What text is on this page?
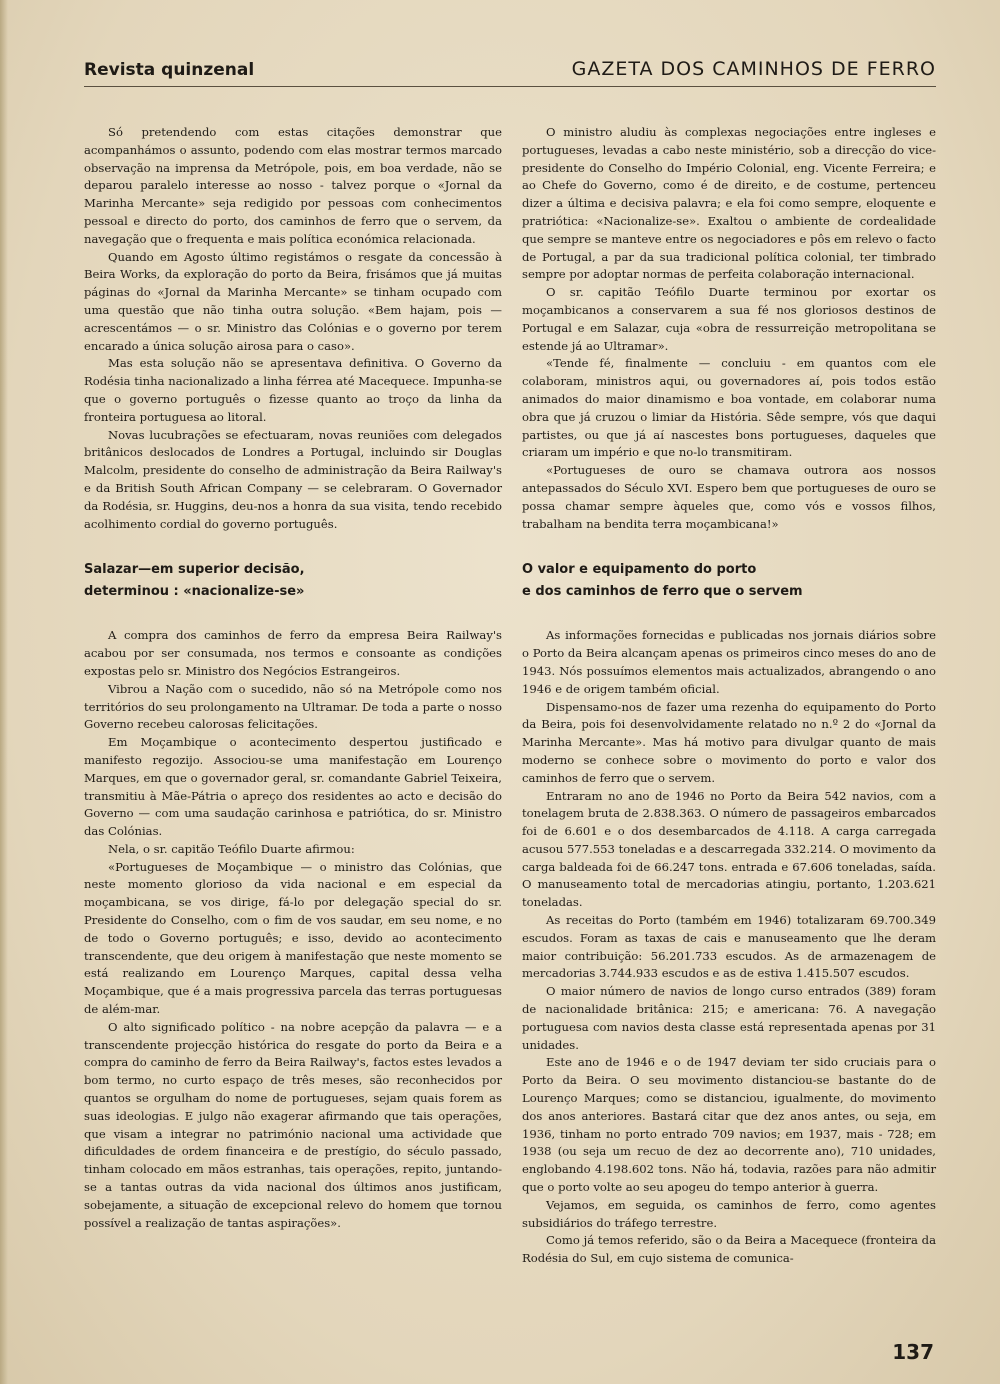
Revista quinzenal	GAZETA DOS CAMINHOS DE FERRO

Só pretendendo com estas citações demonstrar que acompanhámos o assunto, podendo com elas mostrar termos marcado observação na imprensa da Metrópole, pois, em boa verdade, não se deparou paralelo interesse ao nosso - talvez porque o «Jornal da Marinha Mercante» seja redigido por pessoas com conhecimentos pessoal e directo do porto, dos caminhos de ferro que o servem, da navegação que o frequenta e mais política económica relacionada.

Quando em Agosto último registámos o resgate da concessão à Beira Works, da exploração do porto da Beira, frisámos que já muitas páginas do «Jornal da Marinha Mercante» se tinham ocupado com uma questão que não tinha outra solução. «Bem hajam, pois — acrescentámos — o sr. Ministro das Colónias e o governo por terem encarado a única solução airosa para o caso».

Mas esta solução não se apresentava definitiva. O Governo da Rodésia tinha nacionalizado a linha férrea até Macequece. Impunha-se que o governo português o fizesse quanto ao troço da linha da fronteira portuguesa ao litoral.

Novas lucubrações se efectuaram, novas reuniões com delegados britânicos deslocados de Londres a Portugal, incluindo sir Douglas Malcolm, presidente do conselho de administração da Beira Railway's e da British South African Company — se celebraram. O Governador da Rodésia, sr. Huggins, deu-nos a honra da sua visita, tendo recebido acolhimento cordial do governo português.

Salazar—em superior decisão,
determinou : «nacionalize-se»

A compra dos caminhos de ferro da empresa Beira Railway's acabou por ser consumada, nos termos e consoante as condições expostas pelo sr. Ministro dos Negócios Estrangeiros.

Vibrou a Nação com o sucedido, não só na Metrópole como nos territórios do seu prolongamento na Ultramar. De toda a parte o nosso Governo recebeu calorosas felicitações.

Em Moçambique o acontecimento despertou justificado e manifesto regozijo. Associou-se uma manifestação em Lourenço Marques, em que o governador geral, sr. comandante Gabriel Teixeira, transmitiu à Mãe-Pátria o apreço dos residentes ao acto e decisão do Governo — com uma saudação carinhosa e patriótica, do sr. Ministro das Colónias.

Nela, o sr. capitão Teófilo Duarte afirmou:

«Portugueses de Moçambique — o ministro das Colónias, que neste momento glorioso da vida nacional e em especial da moçambicana, se vos dirige, fá-lo por delegação special do sr. Presidente do Conselho, com o fim de vos saudar, em seu nome, e no de todo o Governo português; e isso, devido ao acontecimento transcendente, que deu origem à manifestação que neste momento se está realizando em Lourenço Marques, capital dessa velha Moçambique, que é a mais progressiva parcela das terras portuguesas de além-mar.

O alto significado político - na nobre acepção da palavra — e a transcendente projecção histórica do resgate do porto da Beira e a compra do caminho de ferro da Beira Railway's, factos estes levados a bom termo, no curto espaço de três meses, são reconhecidos por quantos se orgulham do nome de portugueses, sejam quais forem as suas ideologias. E julgo não exagerar afirmando que tais operações, que visam a integrar no património nacional uma actividade que dificuldades de ordem financeira e de prestígio, do século passado, tinham colocado em mãos estranhas, tais operações, repito, juntando-se a tantas outras da vida nacional dos últimos anos justificam, sobejamente, a situação de excepcional relevo do homem que tornou possível a realização de tantas aspirações».

O ministro aludiu às complexas negociações entre ingleses e portugueses, levadas a cabo neste ministério, sob a direcção do vice-presidente do Conselho do Império Colonial, eng. Vicente Ferreira; e ao Chefe do Governo, como é de direito, e de costume, pertenceu dizer a última e decisiva palavra; e ela foi como sempre, eloquente e pratriótica: «Nacionalize-se». Exaltou o ambiente de cordealidade que sempre se manteve entre os negociadores e pôs em relevo o facto de Portugal, a par da sua tradicional política colonial, ter timbrado sempre por adoptar normas de perfeita colaboração internacional.

O sr. capitão Teófilo Duarte terminou por exortar os moçambicanos a conservarem a sua fé nos gloriosos destinos de Portugal e em Salazar, cuja «obra de ressurreição metropolitana se estende já ao Ultramar».

«Tende fé, finalmente — concluiu - em quantos com ele colaboram, ministros aqui, ou governadores aí, pois todos estão animados do maior dinamismo e boa vontade, em colaborar numa obra que já cruzou o limiar da História. Sêde sempre, vós que daqui partistes, ou que já aí nascestes bons portugueses, daqueles que criaram um império e que no-lo transmitiram.

«Portugueses de ouro se chamava outrora aos nossos antepassados do Século XVI. Espero bem que portugueses de ouro se possa chamar sempre àqueles que, como vós e vossos filhos, trabalham na bendita terra moçambicana!»

O valor e equipamento do porto
e dos caminhos de ferro que o servem

As informações fornecidas e publicadas nos jornais diários sobre o Porto da Beira alcançam apenas os primeiros cinco meses do ano de 1943. Nós possuímos elementos mais actualizados, abrangendo o ano 1946 e de origem também oficial.

Dispensamo-nos de fazer uma rezenha do equipamento do Porto da Beira, pois foi desenvolvidamente relatado no n.º 2 do «Jornal da Marinha Mercante». Mas há motivo para divulgar quanto de mais moderno se conhece sobre o movimento do porto e valor dos caminhos de ferro que o servem.

Entraram no ano de 1946 no Porto da Beira 542 navios, com a tonelagem bruta de 2.838.363. O número de passageiros embarcados foi de 6.601 e o dos desembarcados de 4.118. A carga carregada acusou 577.553 toneladas e a descarregada 332.214. O movimento da carga baldeada foi de 66.247 tons. entrada e 67.606 toneladas, saída. O manuseamento total de mercadorias atingiu, portanto, 1.203.621 toneladas.

As receitas do Porto (também em 1946) totalizaram 69.700.349 escudos. Foram as taxas de cais e manuseamento que lhe deram maior contribuição: 56.201.733 escudos. As de armazenagem de mercadorias 3.744.933 escudos e as de estiva 1.415.507 escudos.

O maior número de navios de longo curso entrados (389) foram de nacionalidade britânica: 215; e americana: 76. A navegação portuguesa com navios desta classe está representada apenas por 31 unidades.

Este ano de 1946 e o de 1947 deviam ter sido cruciais para o Porto da Beira. O seu movimento distanciou-se bastante do de Lourenço Marques; como se distanciou, igualmente, do movimento dos anos anteriores. Bastará citar que dez anos antes, ou seja, em 1936, tinham no porto entrado 709 navios; em 1937, mais - 728; em 1938 (ou seja um recuo de dez ao decorrente ano), 710 unidades, englobando 4.198.602 tons. Não há, todavia, razões para não admitir que o porto volte ao seu apogeu do tempo anterior à guerra.

Vejamos, em seguida, os caminhos de ferro, como agentes subsidiários do tráfego terrestre.

Como já temos referido, são o da Beira a Macequece (fronteira da Rodésia do Sul, em cujo sistema de comunica-

137
